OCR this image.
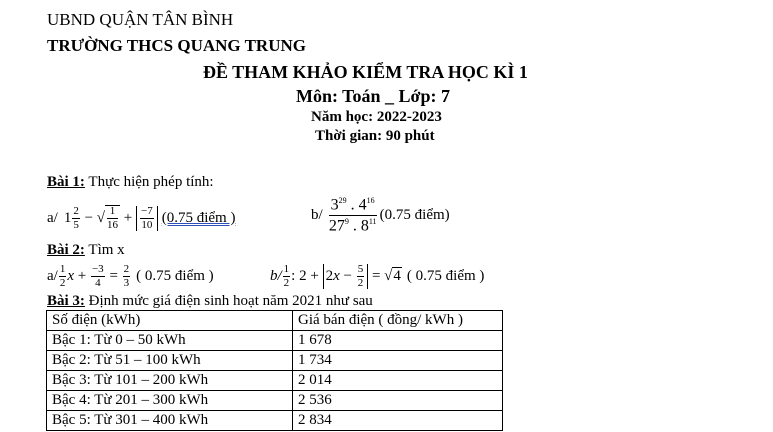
UBND QUẬN TÂN BÌNH
TRƯỜNG THCS QUANG TRUNG
ĐỀ THAM KHẢO KIỂM TRA HỌC KÌ 1
Môn: Toán _ Lớp: 7
Năm học: 2022-2023
Thời gian: 90 phút
Bài 1: Thực hiện phép tính:
a/ $1 \frac{2}{5}$ − √ $\frac{1}{16} + \frac{-7}{10} (0.75$ điểm )	b/
$3^{29}$ . $4^{16}$
$27^9$ . $8^{11}$ (0.75 điểm)
Bài 2: Tìm x
$a/ \frac{1}{2}$ $x + \frac{-3}{4} = \frac{2}{3}$ ( 0.75 điểm )	$b/ \frac{1}{2}$ : $2 + 2x - \frac{5}{2} = √4$ ( 0.75 điểm )
Bài 3: Định mức giá điện sinh hoạt năm 2021 như sau
Số điện (kWh)	Giá bán điện ( đồng/ kWh )
Bậc 1: Từ 0 – 50 kWh	1 678
Bậc 2: Từ 51 – 100 kWh	1 734
Bậc 3: Từ 101 – 200 kWh	2 014
Bậc 4: Từ 201 – 300 kWh	2 536
Bậc 5: Từ 301 – 400 kWh	2 834
